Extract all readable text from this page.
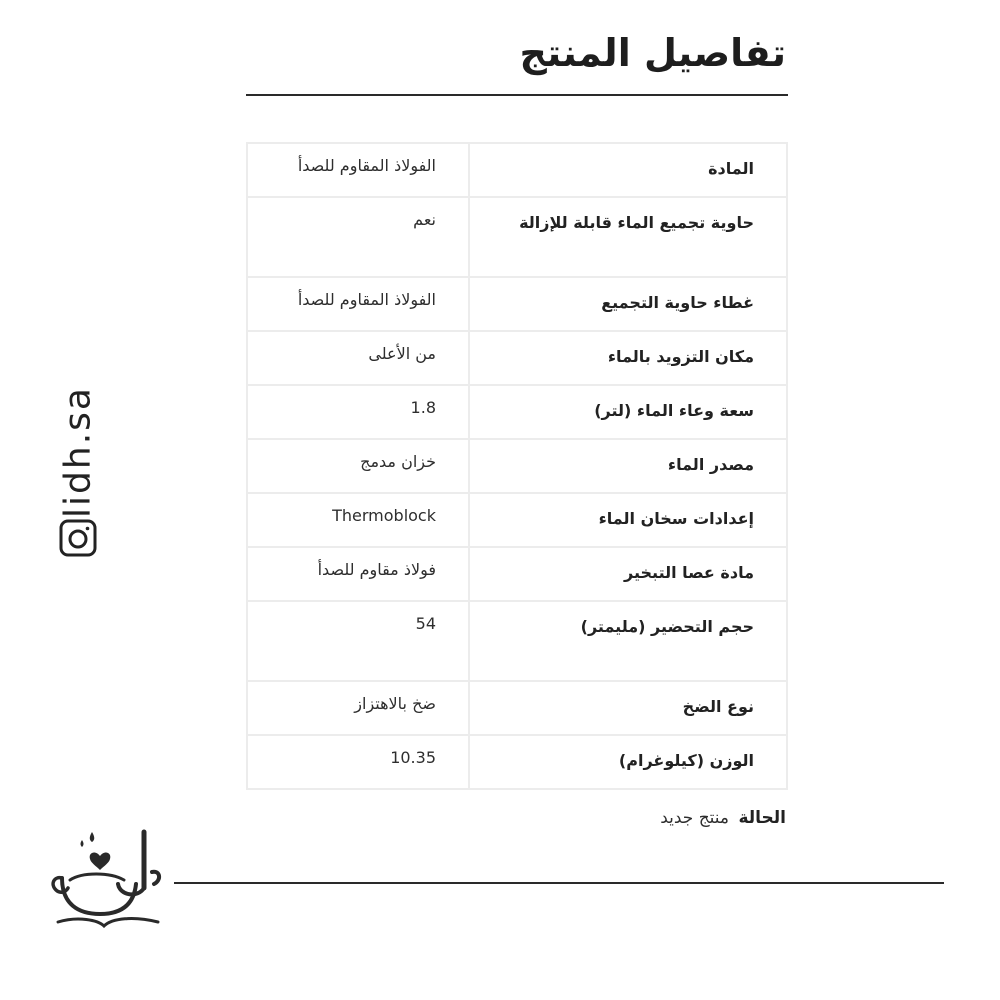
تفاصيل المنتج
المادة	الفولاذ المقاوم للصدأ
حاوية تجميع الماء قابلة للإزالة	نعم
غطاء حاوية التجميع	الفولاذ المقاوم للصدأ
مكان التزويد بالماء	من الأعلى
سعة وعاء الماء (لتر)	1.8
مصدر الماء	خزان مدمج
إعدادات سخان الماء	Thermoblock
مادة عصا التبخير	فولاذ مقاوم للصدأ
حجم التحضير (مليمتر)	54
نوع الضخ	ضخ بالاهتزاز
الوزن (كيلوغرام)	10.35
الحالة منتج جديد
lidh.sa
